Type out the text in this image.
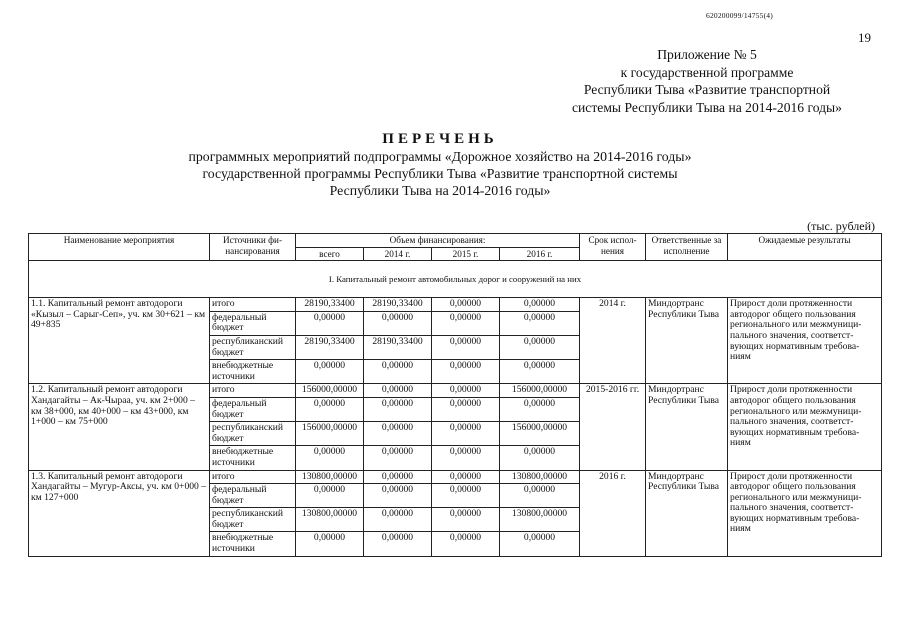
620200099/14755(4)
19
Приложение № 5
к государственной программе
Республики Тыва «Развитие транспортной
системы Республики Тыва на 2014-2016 годы»
ПЕРЕЧЕНЬ
программных мероприятий подпрограммы «Дорожное хозяйство на 2014-2016 годы»
государственной программы Республики Тыва «Развитие транспортной системы
Республики Тыва на 2014-2016 годы»
(тыс. рублей)
Наименование мероприятия	Источники фи-нансирования	Объем финансирования:				Срок испол-нения	Ответственные за исполнение	Ожидаемые результаты
		всего	2014 г.	2015 г.	2016 г.			
I. Капитальный ремонт автомобильных дорог и сооружений на них								
1.1. Капитальный ремонт автодороги «Кызыл – Сарыг-Сеп», уч. км 30+621 – км 49+835	итого	28190,33400	28190,33400	0,00000	0,00000	2014 г.	Миндортранс Республики Тыва	Прирост доли протяженности автодорог общего пользования регионального или межмуници-пального значения, соответст-вующих нормативным требова-ниям
	федеральный бюджет	0,00000	0,00000	0,00000	0,00000			
	республиканский бюджет	28190,33400	28190,33400	0,00000	0,00000			
	внебюджетные источники	0,00000	0,00000	0,00000	0,00000			
1.2. Капитальный ремонт автодороги Хандагайты – Ак-Чыраа, уч. км 2+000 – км 38+000, км 40+000 – км 43+000, км 1+000 – км 75+000	итого	156000,00000	0,00000	0,00000	156000,00000	2015-2016 гг.	Миндортранс Республики Тыва	Прирост доли протяженности автодорог общего пользования регионального или межмуници-пального значения, соответст-вующих нормативным требова-ниям
	федеральный бюджет	0,00000	0,00000	0,00000	0,00000			
	республиканский бюджет	156000,00000	0,00000	0,00000	156000,00000			
	внебюджетные источники	0,00000	0,00000	0,00000	0,00000			
1.3. Капитальный ремонт автодороги Хандагайты – Мугур-Аксы, уч. км 0+000 – км 127+000	итого	130800,00000	0,00000	0,00000	130800,00000	2016 г.	Миндортранс Республики Тыва	Прирост доли протяженности автодорог общего пользования регионального или межмуници-пального значения, соответст-вующих нормативным требова-ниям
	федеральный бюджет	0,00000	0,00000	0,00000	0,00000			
	республиканский бюджет	130800,00000	0,00000	0,00000	130800,00000			
	внебюджетные источники	0,00000	0,00000	0,00000	0,00000			
